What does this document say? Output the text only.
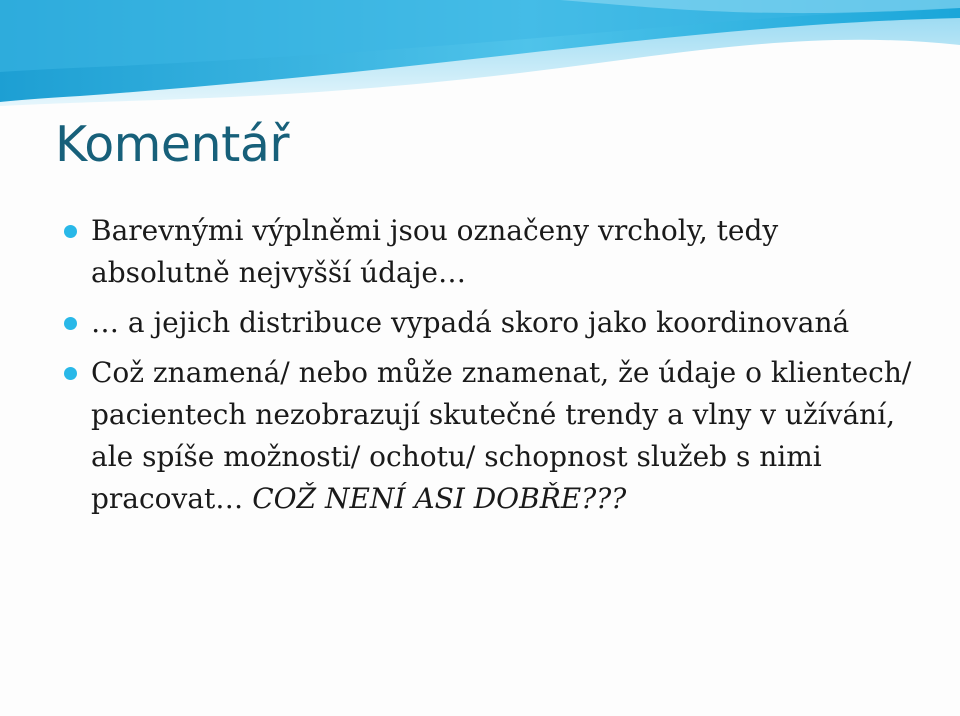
Komentář
Barevnými výplněmi jsou označeny vrcholy, tedy absolutně nejvyšší údaje…
… a jejich distribuce vypadá skoro jako koordinovaná
Což znamená/ nebo může znamenat, že údaje o klientech/ pacientech nezobrazují skutečné trendy a vlny v užívání, ale spíše možnosti/ ochotu/ schopnost služeb s nimi pracovat… COŽ NENÍ ASI DOBŘE???
